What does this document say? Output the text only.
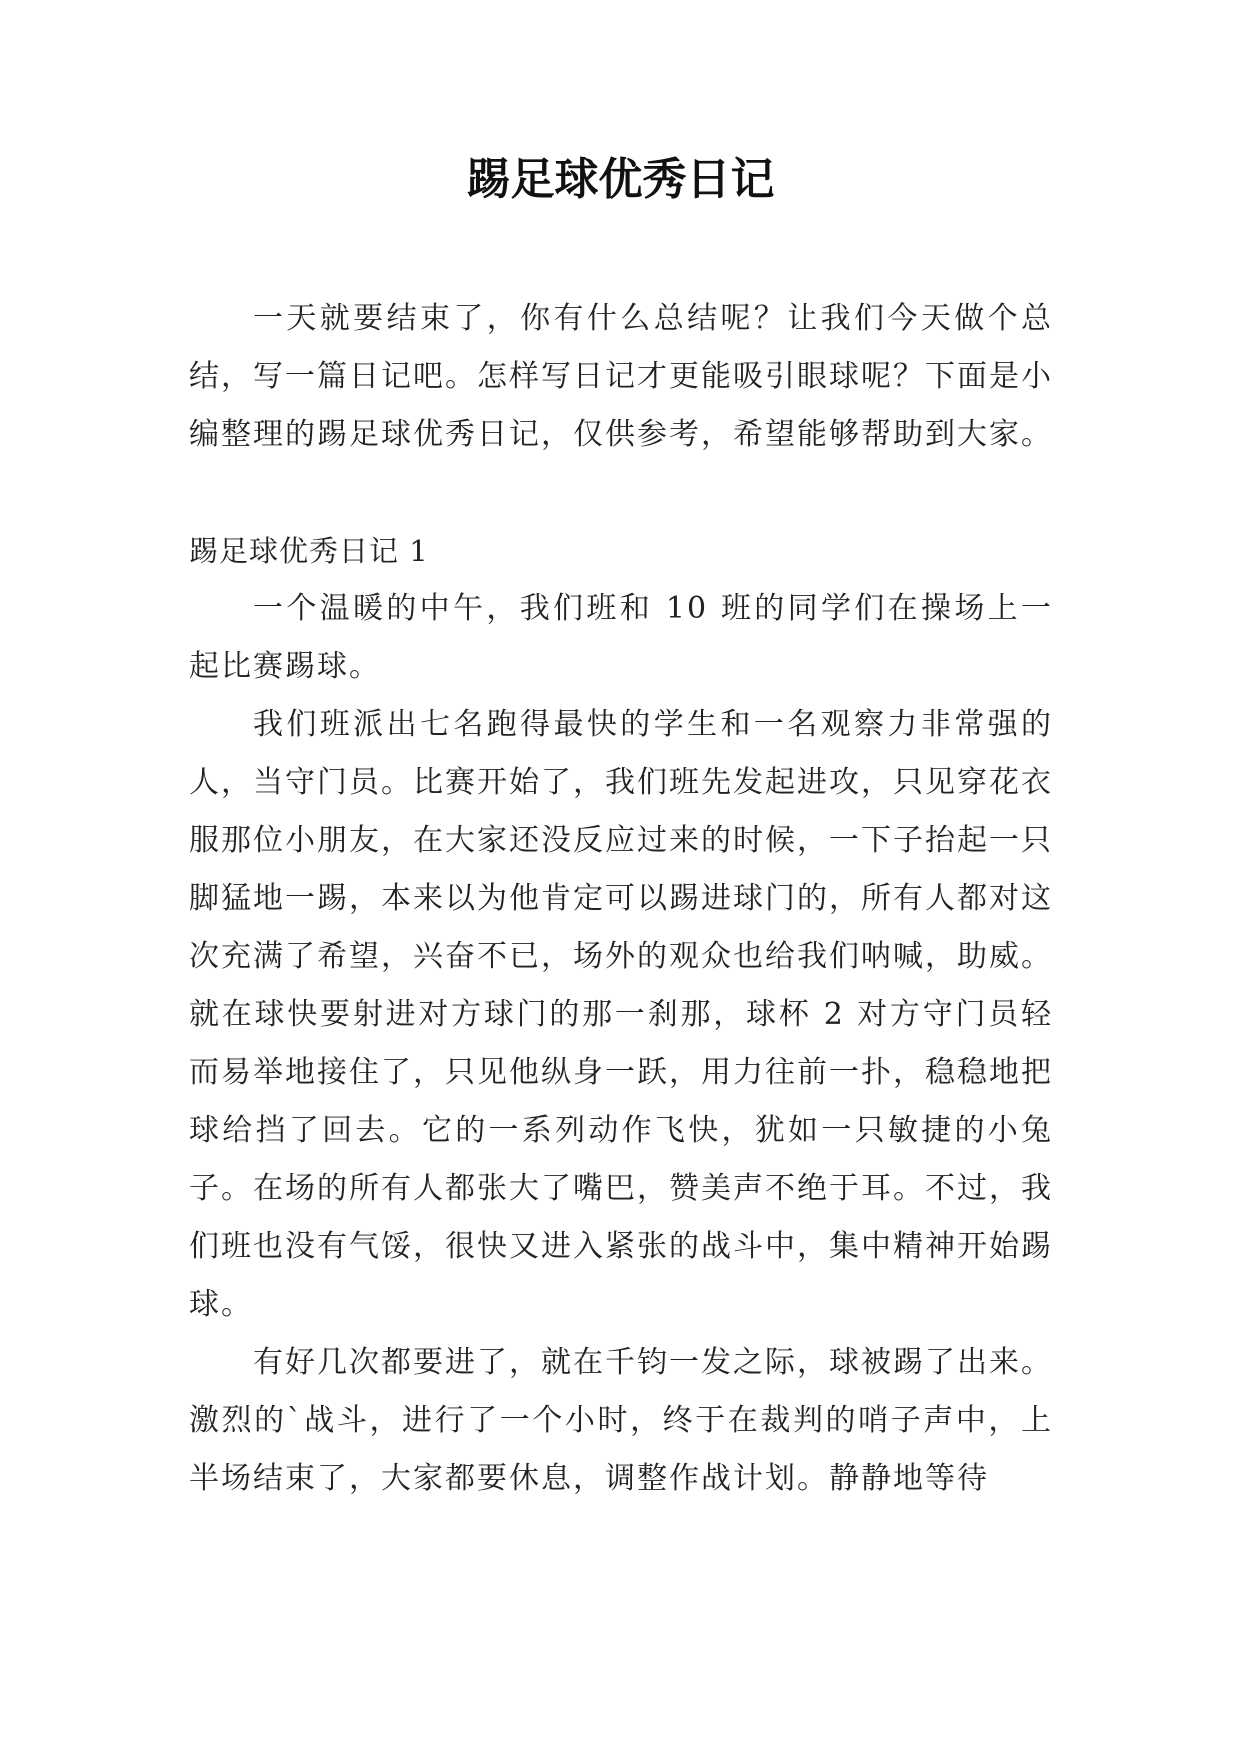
踢足球优秀日记

一天就要结束了，你有什么总结呢？让我们今天做个总结，写一篇日记吧。怎样写日记才更能吸引眼球呢？下面是小编整理的踢足球优秀日记，仅供参考，希望能够帮助到大家。

踢足球优秀日记 1

一个温暖的中午，我们班和 10 班的同学们在操场上一起比赛踢球。

我们班派出七名跑得最快的学生和一名观察力非常强的人，当守门员。比赛开始了，我们班先发起进攻，只见穿花衣服那位小朋友，在大家还没反应过来的时候，一下子抬起一只脚猛地一踢，本来以为他肯定可以踢进球门的，所有人都对这次充满了希望，兴奋不已，场外的观众也给我们呐喊，助威。就在球快要射进对方球门的那一刹那，球杯 2 对方守门员轻而易举地接住了，只见他纵身一跃，用力往前一扑，稳稳地把球给挡了回去。它的一系列动作飞快，犹如一只敏捷的小兔子。在场的所有人都张大了嘴巴，赞美声不绝于耳。不过，我们班也没有气馁，很快又进入紧张的战斗中，集中精神开始踢球。

有好几次都要进了，就在千钧一发之际，球被踢了出来。激烈的`战斗，进行了一个小时，终于在裁判的哨子声中，上半场结束了，大家都要休息，调整作战计划。静静地等待
